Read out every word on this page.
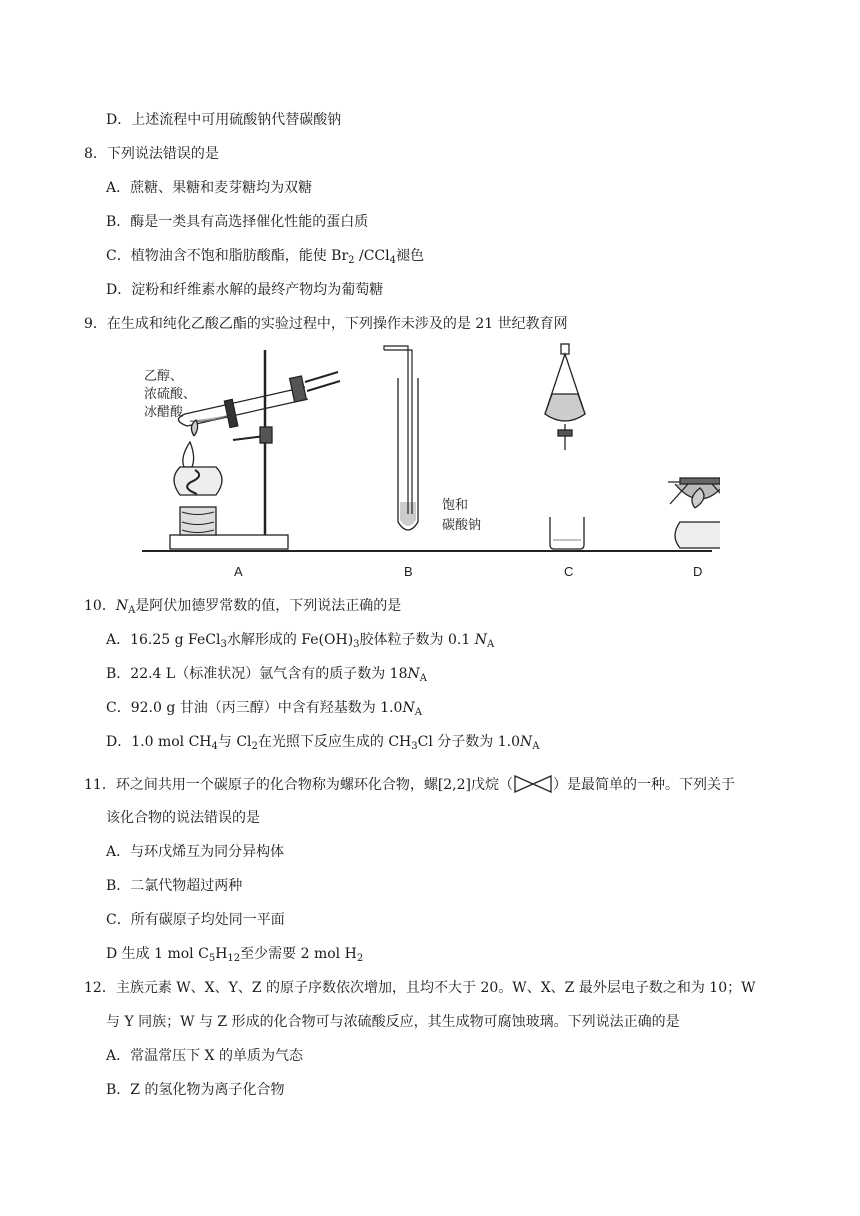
D．上述流程中可用硫酸钠代替碳酸钠
8．下列说法错误的是
A．蔗糖、果糖和麦芽糖均为双糖
B．酶是一类具有高选择催化性能的蛋白质
C．植物油含不饱和脂肪酸酯，能使 $Br_2$ /CCl$_4$褪色
D．淀粉和纤维素水解的最终产物均为葡萄糖
9．在生成和纯化乙酸乙酯的实验过程中，下列操作未涉及的是 21 世纪教育网
乙醇、
浓硫酸、
冰醋酸
饱和
碳酸钠
A	B	C	D
10．$N_A$是阿伏加德罗常数的值，下列说法正确的是
A．16.25 g FeCl$_3$水解形成的 $Fe(OH)_3$胶体粒子数为 0.1 $N_A$
B．22.4 L（标准状况）氩气含有的质子数为 $18N_A$
C．92.0 g 甘油（丙三醇）中含有羟基数为 $1.0N_A$
D．1.0 mol $CH_4$与 $Cl_2$在光照下反应生成的 $CH_3Cl$ 分子数为 $1.0N_A$
11．环之间共用一个碳原子的化合物称为螺环化合物，螺[2,2]戊烷（	）是最简单的一种。下列关于
该化合物的说法错误的是
A．与环戊烯互为同分异构体
B．二氯代物超过两种
C．所有碳原子均处同一平面
D 生成 1 mol $C_5H_{12}$至少需要 2 mol $H_2$
12．主族元素 W、X、Y、Z 的原子序数依次增加，且均不大于 20。W、X、Z 最外层电子数之和为 10；W
与 Y 同族；W 与 Z 形成的化合物可与浓硫酸反应，其生成物可腐蚀玻璃。下列说法正确的是
A．常温常压下 X 的单质为气态
B．Z 的氢化物为离子化合物
